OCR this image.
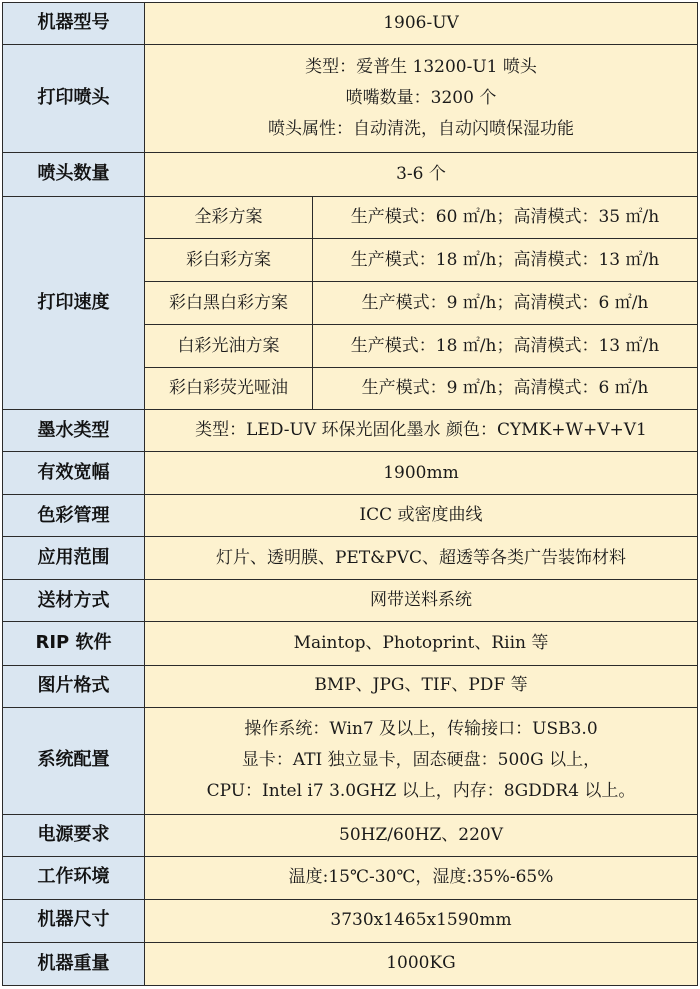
机器型号	1906-UV	
打印喷头	类型：爱普生 13200-U1 喷头
喷嘴数量：3200 个
喷头属性：自动清洗，自动闪喷保湿功能	

喷头数量	3-6 个	
打印速度	全彩方案	生产模式：60 ㎡/h；高清模式：35 ㎡/h
	彩白彩方案	生产模式：18 ㎡/h；高清模式：13 ㎡/h
	彩白黑白彩方案	生产模式：9 ㎡/h；高清模式：6 ㎡/h
	白彩光油方案	生产模式：18 ㎡/h；高清模式：13 ㎡/h
	彩白彩荧光哑油	生产模式：9 ㎡/h；高清模式：6 ㎡/h
墨水类型	类型：LED-UV 环保光固化墨水 颜色：CYMK+W+V+V1	
有效宽幅	1900mm	
色彩管理	ICC 或密度曲线	
应用范围	灯片、透明膜、PET&PVC、超透等各类广告装饰材料	
送材方式	网带送料系统	
RIP 软件	Maintop、Photoprint、Riin 等	
图片格式	BMP、JPG、TIF、PDF 等	
系统配置	操作系统：Win7 及以上，传输接口：USB3.0
显卡：ATI 独立显卡，固态硬盘：500G 以上，
CPU：Intel i7 3.0GHZ 以上，内存：8GDDR4 以上。	

电源要求	50HZ/60HZ、220V	
工作环境	温度:15℃-30℃，湿度:35%-65%	
机器尺寸	3730x1465x1590mm	
机器重量	1000KG	
